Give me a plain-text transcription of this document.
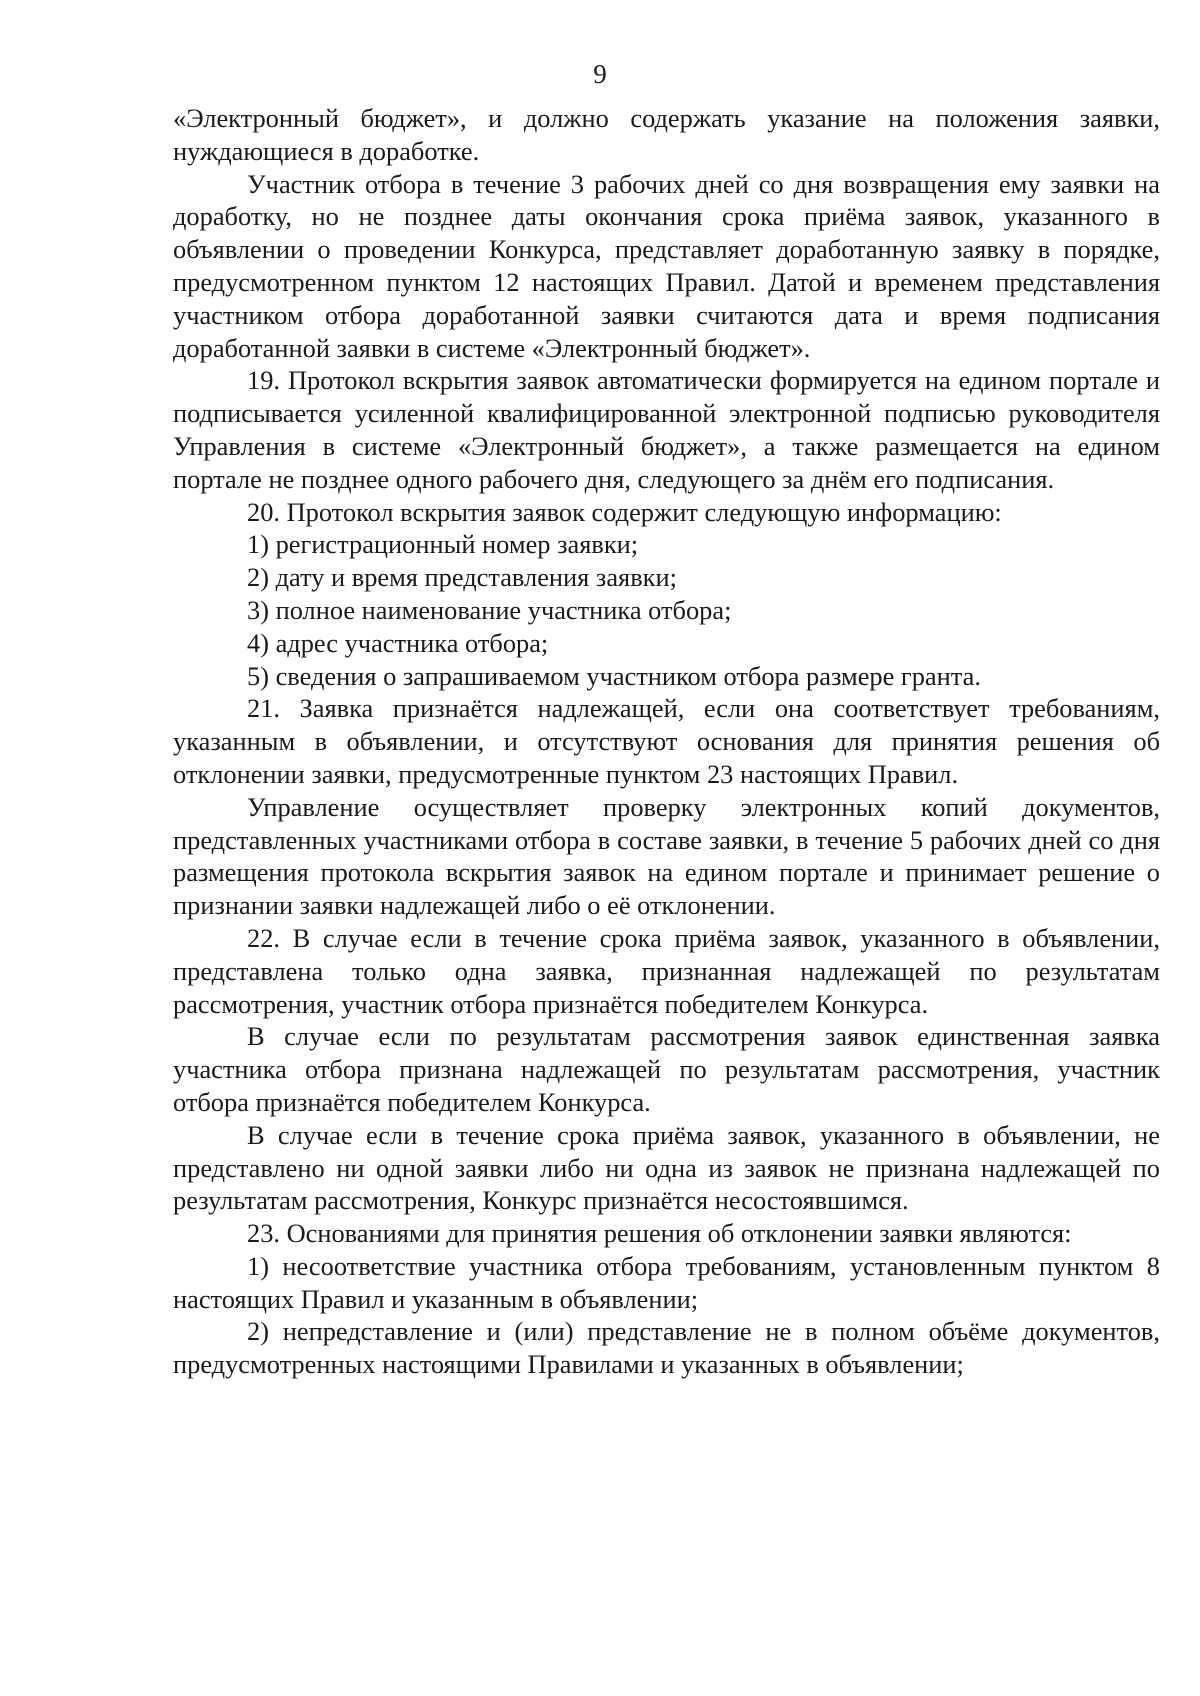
9

«Электронный бюджет», и должно содержать указание на положения заявки, нуждающиеся в доработке.

Участник отбора в течение 3 рабочих дней со дня возвращения ему заявки на доработку, но не позднее даты окончания срока приёма заявок, указанного в объявлении о проведении Конкурса, представляет доработанную заявку в порядке, предусмотренном пунктом 12 настоящих Правил. Датой и временем представления участником отбора доработанной заявки считаются дата и время подписания доработанной заявки в системе «Электронный бюджет».

19. Протокол вскрытия заявок автоматически формируется на едином портале и подписывается усиленной квалифицированной электронной подписью руководителя Управления в системе «Электронный бюджет», а также размещается на едином портале не позднее одного рабочего дня, следующего за днём его подписания.

20. Протокол вскрытия заявок содержит следующую информацию:

1) регистрационный номер заявки;

2) дату и время представления заявки;

3) полное наименование участника отбора;

4) адрес участника отбора;

5) сведения о запрашиваемом участником отбора размере гранта.

21. Заявка признаётся надлежащей, если она соответствует требованиям, указанным в объявлении, и отсутствуют основания для принятия решения об отклонении заявки, предусмотренные пунктом 23 настоящих Правил.

Управление осуществляет проверку электронных копий документов, представленных участниками отбора в составе заявки, в течение 5 рабочих дней со дня размещения протокола вскрытия заявок на едином портале и принимает решение о признании заявки надлежащей либо о её отклонении.

22. В случае если в течение срока приёма заявок, указанного в объявлении, представлена только одна заявка, признанная надлежащей по результатам рассмотрения, участник отбора признаётся победителем Конкурса.

В случае если по результатам рассмотрения заявок единственная заявка участника отбора признана надлежащей по результатам рассмотрения, участник отбора признаётся победителем Конкурса.

В случае если в течение срока приёма заявок, указанного в объявлении, не представлено ни одной заявки либо ни одна из заявок не признана надлежащей по результатам рассмотрения, Конкурс признаётся несостоявшимся.

23. Основаниями для принятия решения об отклонении заявки являются:

1) несоответствие участника отбора требованиям, установленным пунктом 8 настоящих Правил и указанным в объявлении;

2) непредставление и (или) представление не в полном объёме документов, предусмотренных настоящими Правилами и указанных в объявлении;
